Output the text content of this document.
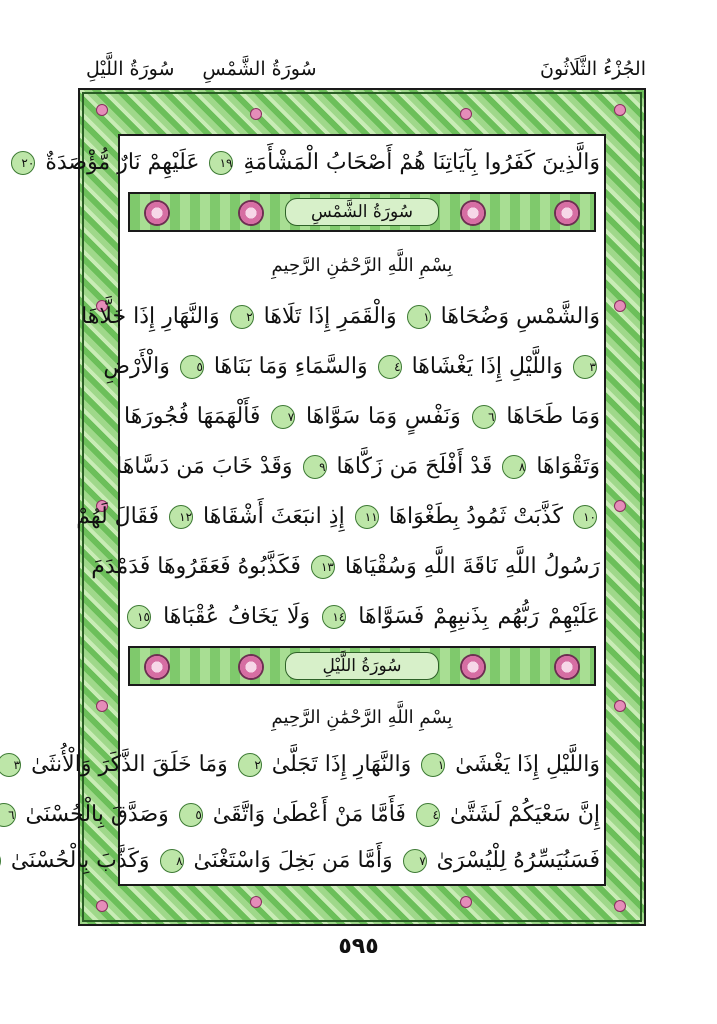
الجُزْءُ الثَّلَاثُونَ
سُورَةُ الشَّمْسِ
سُورَةُ اللَّيْلِ
وَالَّذِينَ كَفَرُوا بِآيَاتِنَا هُمْ أَصْحَابُ الْمَشْأَمَةِ ١٩ عَلَيْهِمْ نَارٌ مُّؤْصَدَةٌ ٢٠
سُورَةُ الشَّمْسِ
بِسْمِ اللَّهِ الرَّحْمَٰنِ الرَّحِيمِ
وَالشَّمْسِ وَضُحَاهَا ١ وَالْقَمَرِ إِذَا تَلَاهَا ٢ وَالنَّهَارِ إِذَا جَلَّاهَا
٣ وَاللَّيْلِ إِذَا يَغْشَاهَا ٤ وَالسَّمَاءِ وَمَا بَنَاهَا ٥ وَالْأَرْضِ
وَمَا طَحَاهَا ٦ وَنَفْسٍ وَمَا سَوَّاهَا ٧ فَأَلْهَمَهَا فُجُورَهَا
وَتَقْوَاهَا ٨ قَدْ أَفْلَحَ مَن زَكَّاهَا ٩ وَقَدْ خَابَ مَن دَسَّاهَا
١٠ كَذَّبَتْ ثَمُودُ بِطَغْوَاهَا ١١ إِذِ انبَعَثَ أَشْقَاهَا ١٢ فَقَالَ لَهُمْ
رَسُولُ اللَّهِ نَاقَةَ اللَّهِ وَسُقْيَاهَا ١٣ فَكَذَّبُوهُ فَعَقَرُوهَا فَدَمْدَمَ
عَلَيْهِمْ رَبُّهُم بِذَنبِهِمْ فَسَوَّاهَا ١٤ وَلَا يَخَافُ عُقْبَاهَا ١٥
سُورَةُ اللَّيْلِ
بِسْمِ اللَّهِ الرَّحْمَٰنِ الرَّحِيمِ
وَاللَّيْلِ إِذَا يَغْشَىٰ ١ وَالنَّهَارِ إِذَا تَجَلَّىٰ ٢ وَمَا خَلَقَ الذَّكَرَ وَالْأُنثَىٰ ٣
إِنَّ سَعْيَكُمْ لَشَتَّىٰ ٤ فَأَمَّا مَنْ أَعْطَىٰ وَاتَّقَىٰ ٥ وَصَدَّقَ بِالْحُسْنَىٰ ٦
فَسَنُيَسِّرُهُ لِلْيُسْرَىٰ ٧ وَأَمَّا مَن بَخِلَ وَاسْتَغْنَىٰ ٨ وَكَذَّبَ بِالْحُسْنَىٰ
٥٩٥
